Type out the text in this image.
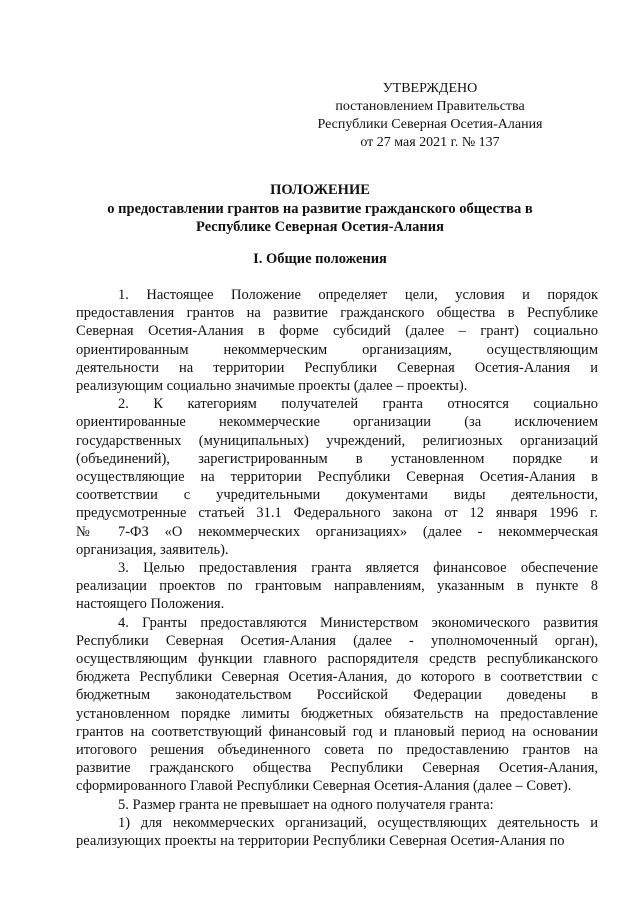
УТВЕРЖДЕНО
постановлением Правительства
Республики Северная Осетия-Алания
от 27 мая 2021 г. № 137
ПОЛОЖЕНИЕ
о предоставлении грантов на развитие гражданского общества в
Республике Северная Осетия-Алания
I. Общие положения
1. Настоящее Положение определяет цели, условия и порядок
предоставления грантов на развитие гражданского общества в Республике
Северная Осетия-Алания в форме субсидий (далее – грант) социально
ориентированным некоммерческим организациям, осуществляющим
деятельности на территории Республики Северная Осетия-Алания и
реализующим социально значимые проекты (далее – проекты).
2. К категориям получателей гранта относятся социально
ориентированные некоммерческие организации (за исключением
государственных (муниципальных) учреждений, религиозных организаций
(объединений), зарегистрированным в установленном порядке и
осуществляющие на территории Республики Северная Осетия-Алания в
соответствии с учредительными документами виды деятельности,
предусмотренные статьей 31.1 Федерального закона от 12 января 1996 г.
№ 7-ФЗ «О некоммерческих организациях» (далее - некоммерческая
организация, заявитель).
3. Целью предоставления гранта является финансовое обеспечение
реализации проектов по грантовым направлениям, указанным в пункте 8
настоящего Положения.
4. Гранты предоставляются Министерством экономического развития
Республики Северная Осетия-Алания (далее - уполномоченный орган),
осуществляющим функции главного распорядителя средств республиканского
бюджета Республики Северная Осетия-Алания, до которого в соответствии с
бюджетным законодательством Российской Федерации доведены в
установленном порядке лимиты бюджетных обязательств на предоставление
грантов на соответствующий финансовый год и плановый период на основании
итогового решения объединенного совета по предоставлению грантов на
развитие гражданского общества Республики Северная Осетия-Алания,
сформированного Главой Республики Северная Осетия-Алания (далее – Совет).
5. Размер гранта не превышает на одного получателя гранта:
1) для некоммерческих организаций, осуществляющих деятельность и
реализующих проекты на территории Республики Северная Осетия-Алания по
